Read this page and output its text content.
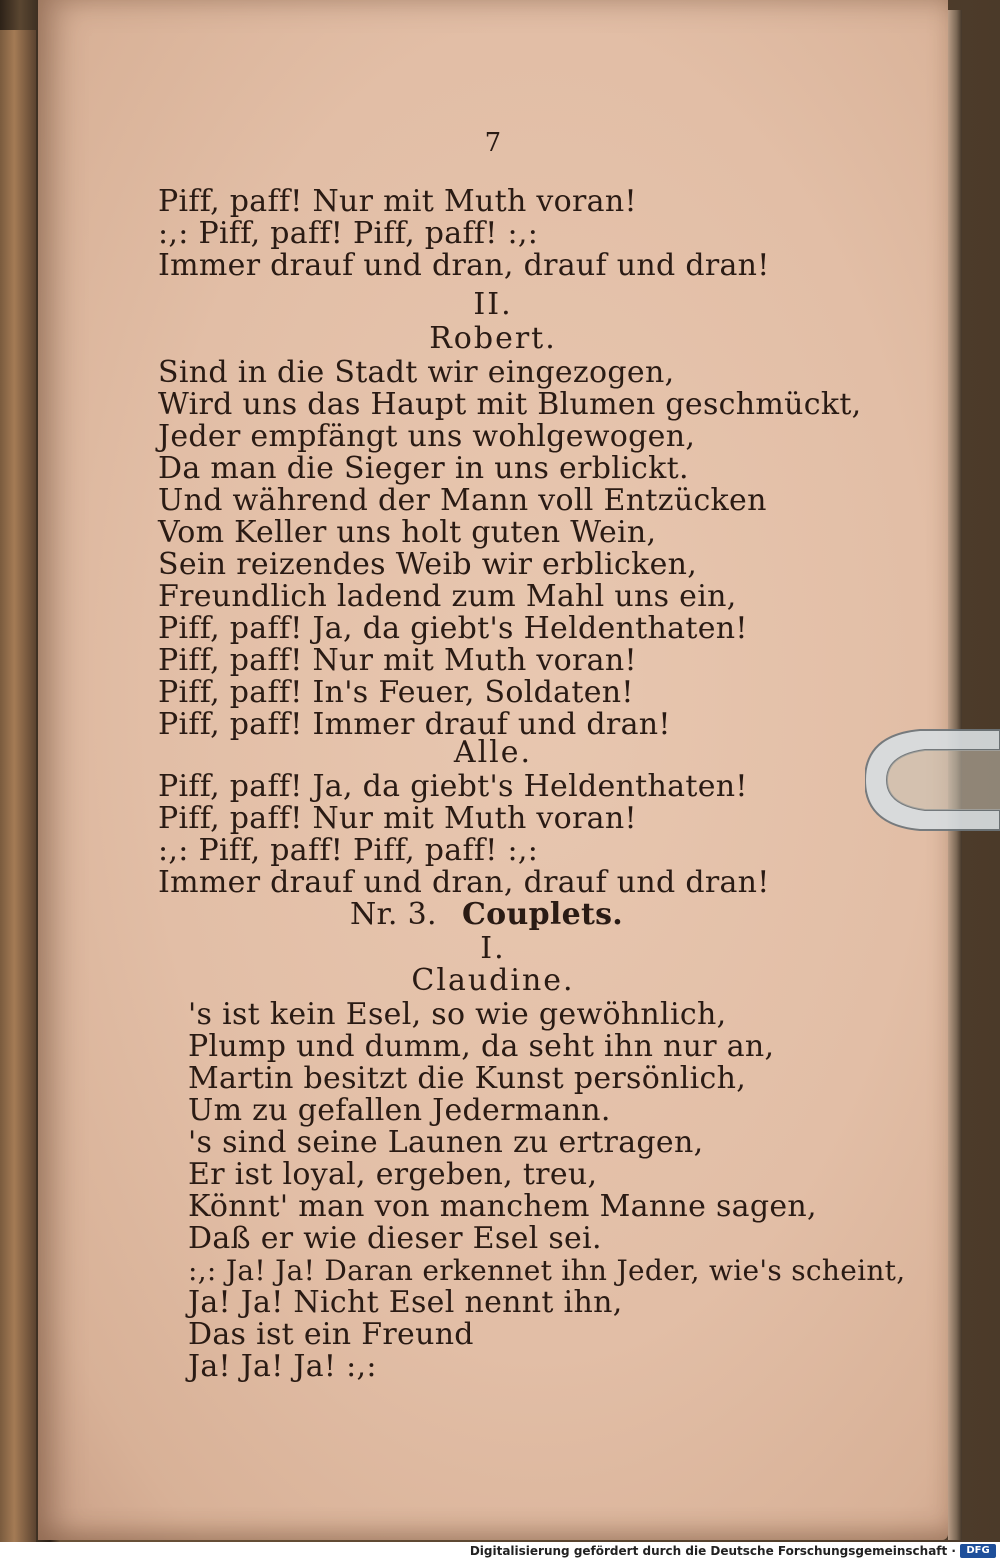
7
Piff, paff! Nur mit Muth voran!
:,: Piff, paff! Piff, paff! :,:
Immer drauf und dran, drauf und dran!
II.
Robert.
Sind in die Stadt wir eingezogen,
Wird uns das Haupt mit Blumen geschmückt,
Jeder empfängt uns wohlgewogen,
Da man die Sieger in uns erblickt.
Und während der Mann voll Entzücken
Vom Keller uns holt guten Wein,
Sein reizendes Weib wir erblicken,
Freundlich ladend zum Mahl uns ein,
Piff, paff! Ja, da giebt's Heldenthaten!
Piff, paff! Nur mit Muth voran!
Piff, paff! In's Feuer, Soldaten!
Piff, paff! Immer drauf und dran!
Alle.
Piff, paff! Ja, da giebt's Heldenthaten!
Piff, paff! Nur mit Muth voran!
:,: Piff, paff! Piff, paff! :,:
Immer drauf und dran, drauf und dran!
Nr. 3. Couplets.
I.
Claudine.
's ist kein Esel, so wie gewöhnlich,
Plump und dumm, da seht ihn nur an,
Martin besitzt die Kunst persönlich,
Um zu gefallen Jedermann.
's sind seine Launen zu ertragen,
Er ist loyal, ergeben, treu,
Könnt' man von manchem Manne sagen,
Daß er wie dieser Esel sei.
:,: Ja! Ja! Daran erkennet ihn Jeder, wie's scheint,
Ja! Ja! Nicht Esel nennt ihn,
Das ist ein Freund
Ja! Ja! Ja! :,:
Digitalisierung gefördert durch die Deutsche Forschungsgemeinschaft ·	DFG
